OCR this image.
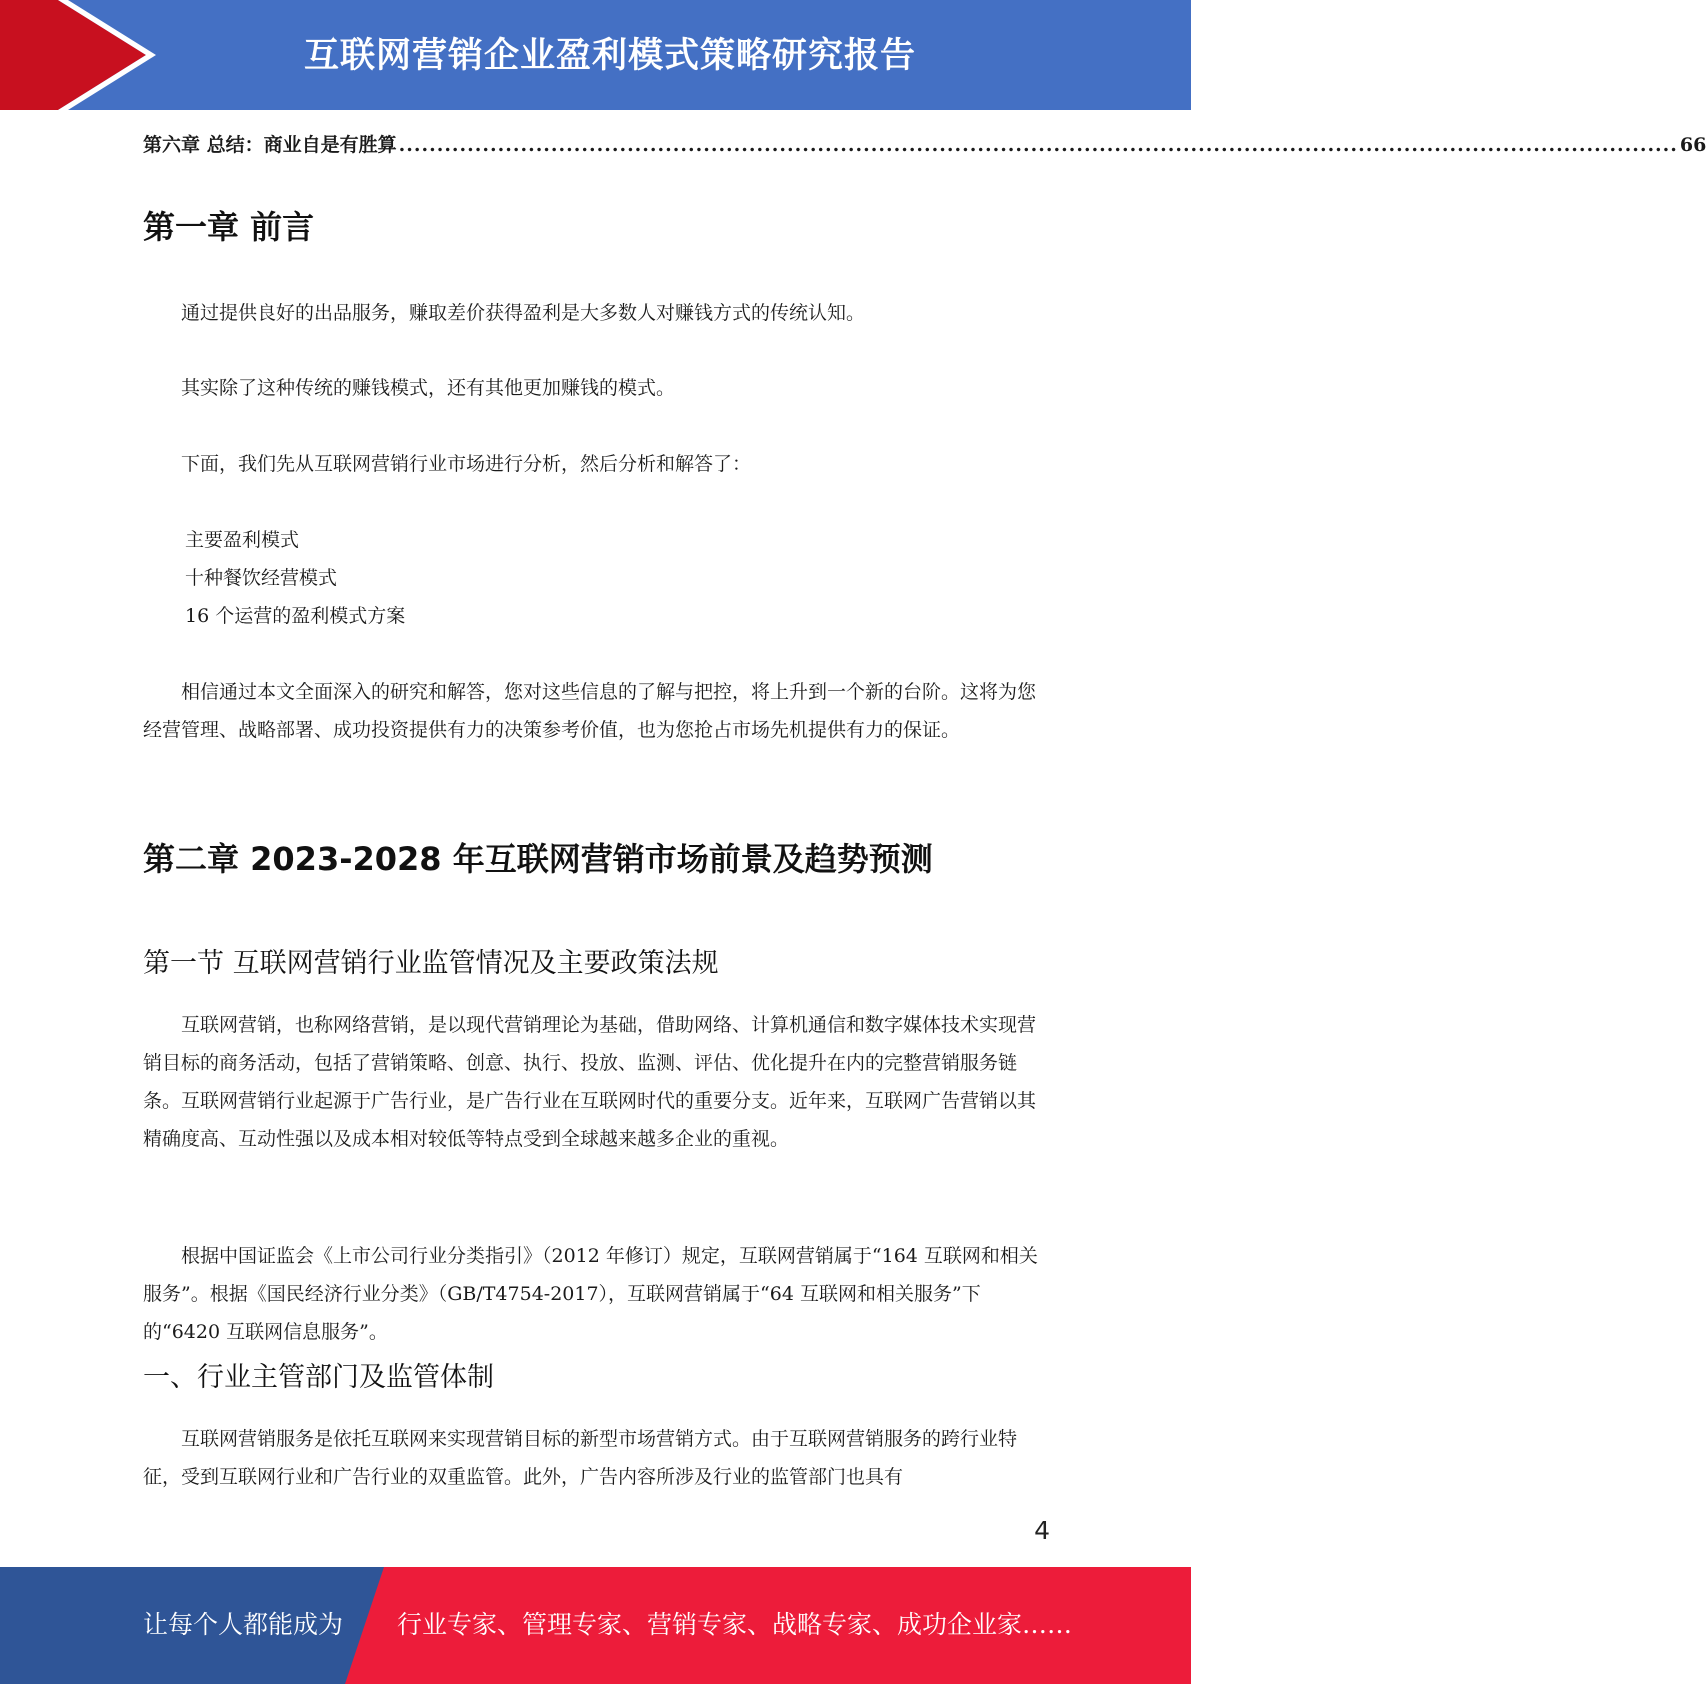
互联网营销企业盈利模式策略研究报告
第六章 总结：商业自是有胜算 ........................................................................................................................................................................ 66
第一章 前言

通过提供良好的出品服务，赚取差价获得盈利是大多数人对赚钱方式的传统认知。

其实除了这种传统的赚钱模式，还有其他更加赚钱的模式。

下面，我们先从互联网营销行业市场进行分析，然后分析和解答了：

主要盈利模式
十种餐饮经营模式
16 个运营的盈利模式方案

相信通过本文全面深入的研究和解答，您对这些信息的了解与把控，将上升到一个新的台阶。这将为您经营管理、战略部署、成功投资提供有力的决策参考价值，也为您抢占市场先机提供有力的保证。

第二章 2023-2028 年互联网营销市场前景及趋势预测
第一节 互联网营销行业监管情况及主要政策法规

互联网营销，也称网络营销，是以现代营销理论为基础，借助网络、计算机通信和数字媒体技术实现营销目标的商务活动，包括了营销策略、创意、执行、投放、监测、评估、优化提升在内的完整营销服务链条。互联网营销行业起源于广告行业，是广告行业在互联网时代的重要分支。近年来，互联网广告营销以其精确度高、互动性强以及成本相对较低等特点受到全球越来越多企业的重视。

根据中国证监会《上市公司行业分类指引》（2012 年修订）规定，互联网营销属于“164 互联网和相关服务”。根据《国民经济行业分类》（GB/T4754-2017），互联网营销属于“64 互联网和相关服务”下的“6420 互联网信息服务”。

一、行业主管部门及监管体制

互联网营销服务是依托互联网来实现营销目标的新型市场营销方式。由于互联网营销服务的跨行业特征，受到互联网行业和广告行业的双重监管。此外，广告内容所涉及行业的监管部门也具有

4
让每个人都能成为 行业专家、管理专家、营销专家、战略专家、成功企业家……
